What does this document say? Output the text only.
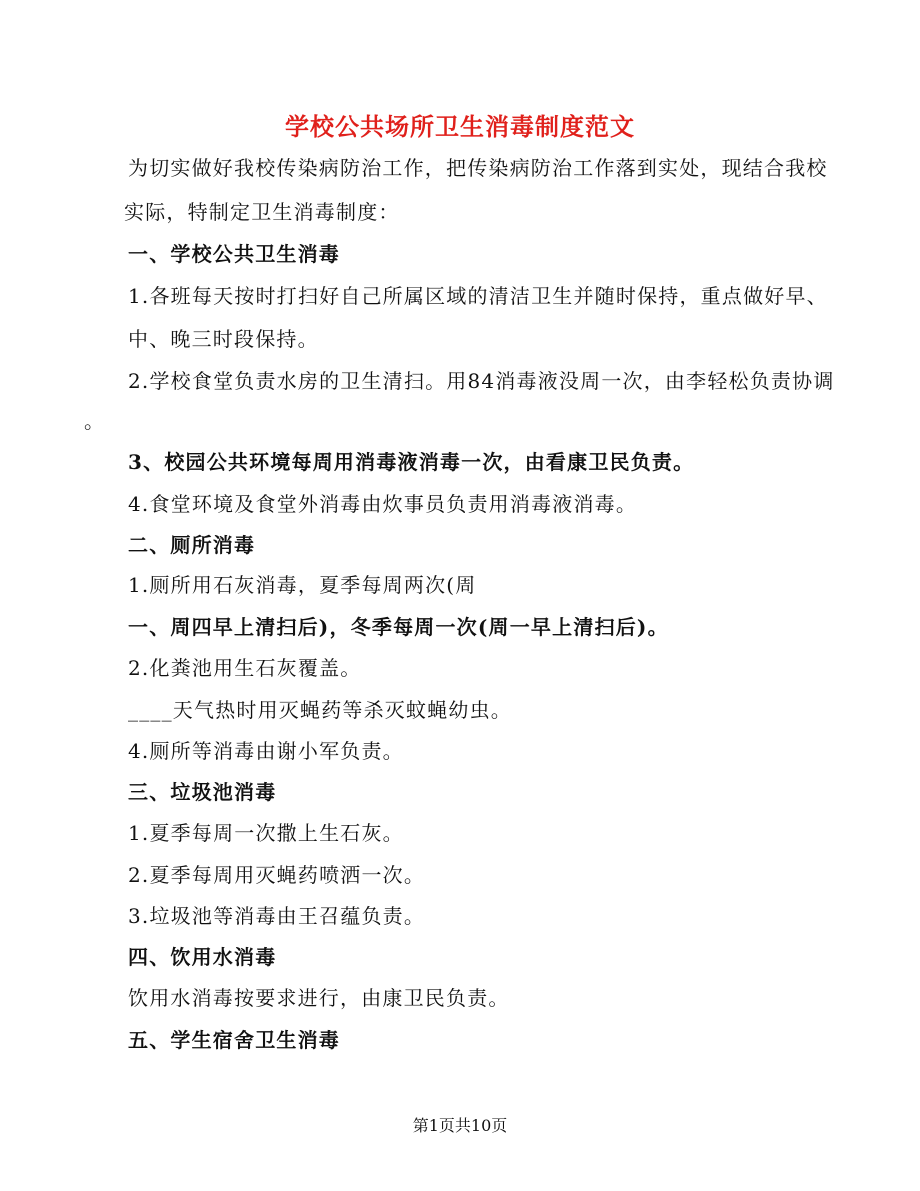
学校公共场所卫生消毒制度范文
为切实做好我校传染病防治工作，把传染病防治工作落到实处，现结合我校
实际，特制定卫生消毒制度：
一、学校公共卫生消毒
1.各班每天按时打扫好自己所属区域的清洁卫生并随时保持，重点做好早、
中、晚三时段保持。
2.学校食堂负责水房的卫生清扫。用84消毒液没周一次，由李轻松负责协调
。
3、校园公共环境每周用消毒液消毒一次，由看康卫民负责。
4.食堂环境及食堂外消毒由炊事员负责用消毒液消毒。
二、厕所消毒
1.厕所用石灰消毒，夏季每周两次(周
一、周四早上清扫后)，冬季每周一次(周一早上清扫后)。
2.化粪池用生石灰覆盖。
____天气热时用灭蝇药等杀灭蚊蝇幼虫。
4.厕所等消毒由谢小军负责。
三、垃圾池消毒
1.夏季每周一次撒上生石灰。
2.夏季每周用灭蝇药喷洒一次。
3.垃圾池等消毒由王召蕴负责。
四、饮用水消毒
饮用水消毒按要求进行，由康卫民负责。
五、学生宿舍卫生消毒
第1页共10页
